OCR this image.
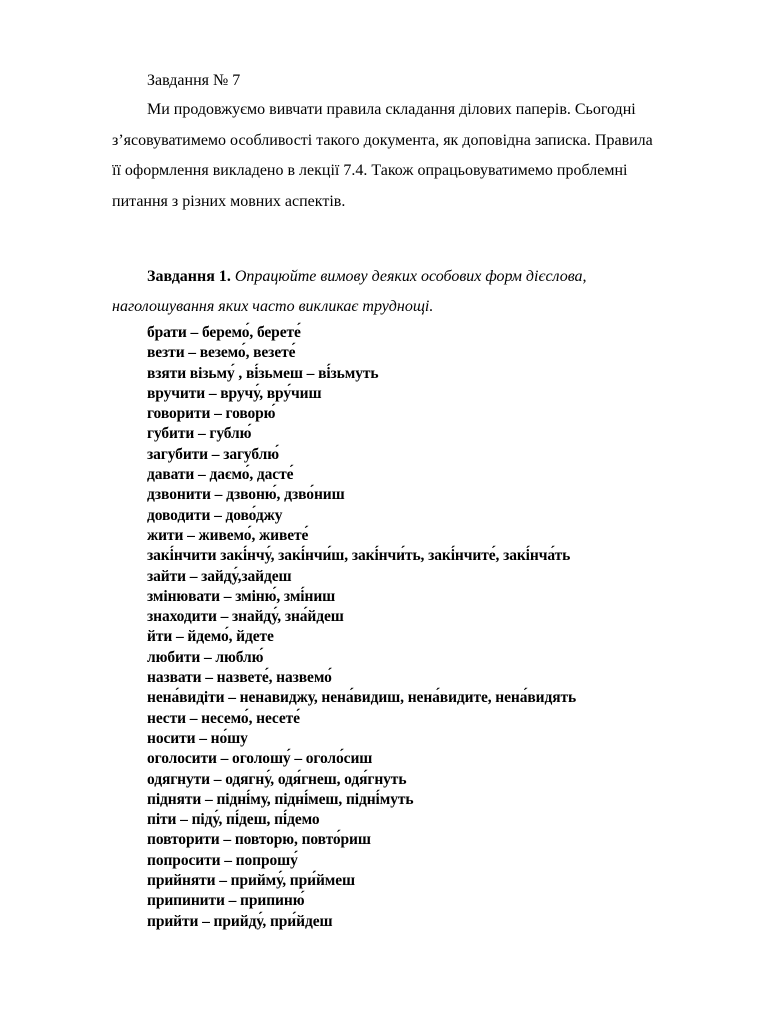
Завдання № 7

Ми продовжуємо вивчати правила складання ділових паперів. Сьогодні
з’ясовуватимемо особливості такого документа, як доповідна записка. Правила
її оформлення викладено в лекції 7.4. Також опрацьовуватимемо проблемні
питання з різних мовних аспектів.

Завдання 1. Опрацюйте вимову деяких особових форм дієслова,
наголошування яких часто викликає труднощі.

брати – беремо́, берете́
везти – веземо́, везете́
взяти візьму́ , ві́зьмеш – ві́зьмуть
вручити – вручу́, вру́чиш
говорити – говорю́
губити – гублю́
загубити – загублю́
давати – даємо́, дасте́
дзвонити – дзвоню́, дзво́ниш
доводити – дово́джу
жити – живемо́, живете́
закі́нчити закі́нчу́, закі́нчи́ш, закі́нчи́ть, закі́нчите́, закі́нча́ть
зайти – зайду́,зайдеш
змінювати – зміню́, змі́ниш
знаходити – знайду́, зна́йдеш
йти – йдемо́, йдете
любити – люблю́
назвати – назвете́, назвемо́
нена́видіти – ненавиджу, нена́видиш, нена́видите, нена́видять
нести – несемо́, несете́
носити – но́шу
оголосити – оголошу́ – оголо́сиш
одягнути – одягну́, одя́гнеш, одя́гнуть
підняти – підні́му, підні́меш, підні́муть
піти – піду́, пі́деш, пі́демо
повторити – повторю, повто́риш
попросити – попрошу́
прийняти – прийму́, при́ймеш
припинити – припиню́
прийти – прийду́, при́йдеш
